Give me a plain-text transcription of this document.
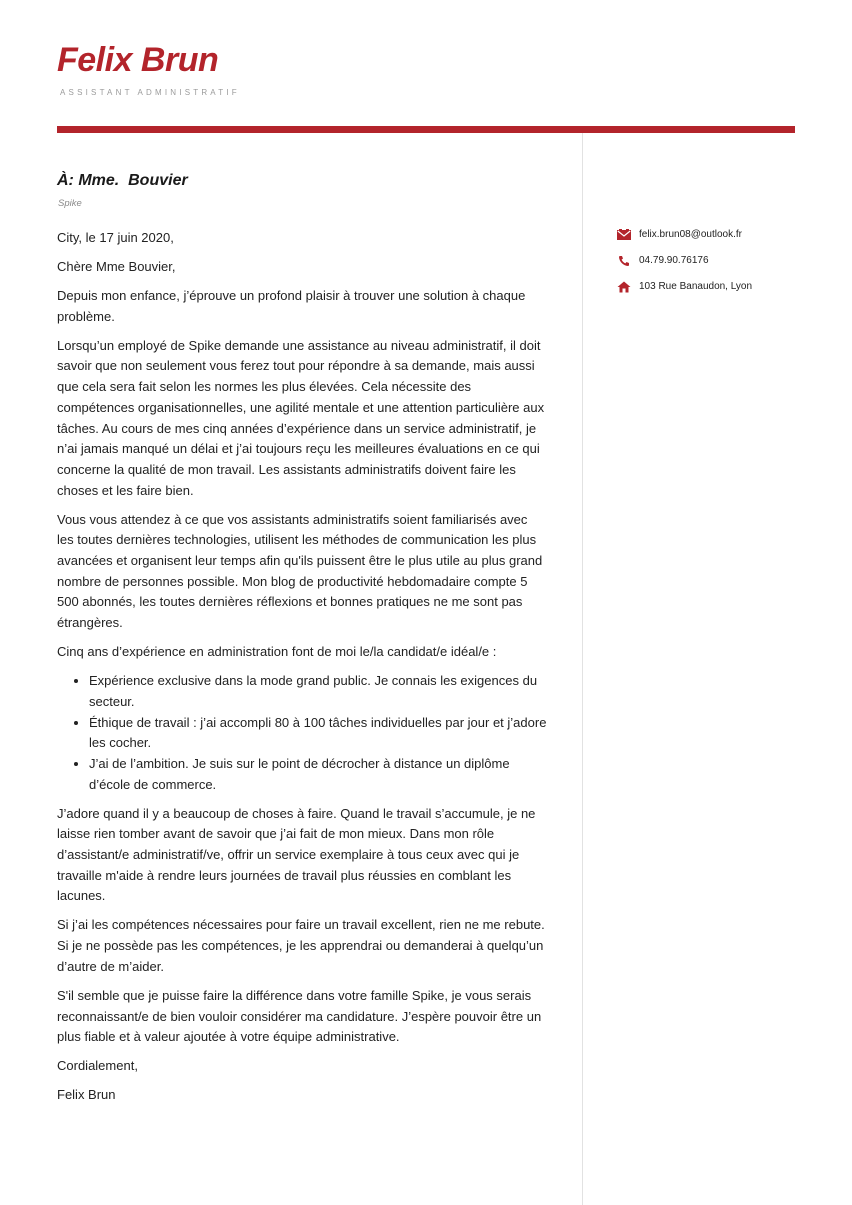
Felix Brun
ASSISTANT ADMINISTRATIF
À: Mme.  Bouvier
Spike

City, le 17 juin 2020,

Chère Mme Bouvier,

Depuis mon enfance, j’éprouve un profond plaisir à trouver une solution à chaque problème.

Lorsqu’un employé de Spike demande une assistance au niveau administratif, il doit savoir que non seulement vous ferez tout pour répondre à sa demande, mais aussi que cela sera fait selon les normes les plus élevées. Cela nécessite des compétences organisationnelles, une agilité mentale et une attention particulière aux tâches. Au cours de mes cinq années d’expérience dans un service administratif, je n’ai jamais manqué un délai et j’ai toujours reçu les meilleures évaluations en ce qui concerne la qualité de mon travail. Les assistants administratifs doivent faire les choses et les faire bien.

Vous vous attendez à ce que vos assistants administratifs soient familiarisés avec les toutes dernières technologies, utilisent les méthodes de communication les plus avancées et organisent leur temps afin qu'ils puissent être le plus utile au plus grand nombre de personnes possible. Mon blog de productivité hebdomadaire compte 5 500 abonnés, les toutes dernières réflexions et bonnes pratiques ne me sont pas étrangères.

Cinq ans d’expérience en administration font de moi le/la candidat/e idéal/e :

• Expérience exclusive dans la mode grand public. Je connais les exigences du secteur.
• Éthique de travail : j’ai accompli 80 à 100 tâches individuelles par jour et j’adore les cocher.
• J’ai de l’ambition. Je suis sur le point de décrocher à distance un diplôme d’école de commerce.

J’adore quand il y a beaucoup de choses à faire. Quand le travail s’accumule, je ne laisse rien tomber avant de savoir que j’ai fait de mon mieux. Dans mon rôle d’assistant/e administratif/ve, offrir un service exemplaire à tous ceux avec qui je travaille m'aide à rendre leurs journées de travail plus réussies en comblant les lacunes.

Si j’ai les compétences nécessaires pour faire un travail excellent, rien ne me rebute. Si je ne possède pas les compétences, je les apprendrai ou demanderai à quelqu’un d’autre de m’aider.

S'il semble que je puisse faire la différence dans votre famille Spike, je vous serais reconnaissant/e de bien vouloir considérer ma candidature. J’espère pouvoir être un plus fiable et à valeur ajoutée à votre équipe administrative.

Cordialement,

Felix Brun

felix.brun08@outlook.fr
04.79.90.76176
103 Rue Banaudon, Lyon
